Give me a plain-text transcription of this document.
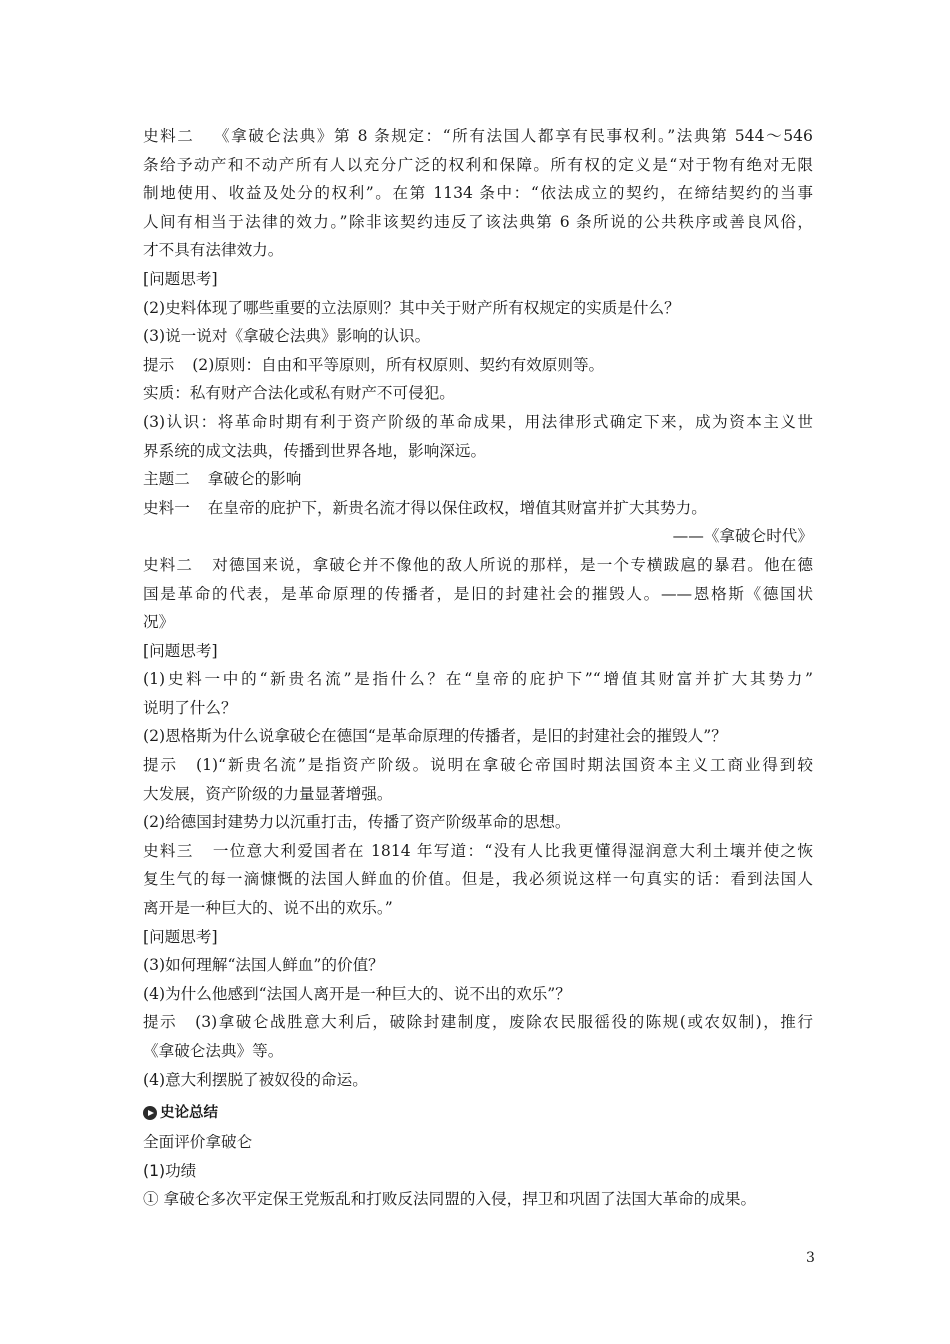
史料二 《拿破仑法典》第 8 条规定：“所有法国人都享有民事权利。”法典第 544～546
条给予动产和不动产所有人以充分广泛的权利和保障。所有权的定义是“对于物有绝对无限
制地使用、收益及处分的权利”。在第 1134 条中：“依法成立的契约，在缔结契约的当事
人间有相当于法律的效力。”除非该契约违反了该法典第 6 条所说的公共秩序或善良风俗，
才不具有法律效力。
[问题思考]
(2)史料体现了哪些重要的立法原则？其中关于财产所有权规定的实质是什么？
(3)说一说对《拿破仑法典》影响的认识。
提示 (2)原则：自由和平等原则，所有权原则、契约有效原则等。
实质：私有财产合法化或私有财产不可侵犯。
(3)认识：将革命时期有利于资产阶级的革命成果，用法律形式确定下来，成为资本主义世
界系统的成文法典，传播到世界各地，影响深远。
主题二 拿破仑的影响
史料一 在皇帝的庇护下，新贵名流才得以保住政权，增值其财富并扩大其势力。
——《拿破仑时代》
史料二 对德国来说，拿破仑并不像他的敌人所说的那样，是一个专横跋扈的暴君。他在德
国是革命的代表，是革命原理的传播者，是旧的封建社会的摧毁人。——恩格斯《德国状
况》
[问题思考]
(1)史料一中的“新贵名流”是指什么？在“皇帝的庇护下”“增值其财富并扩大其势力”
说明了什么？
(2)恩格斯为什么说拿破仑在德国“是革命原理的传播者，是旧的封建社会的摧毁人”？
提示 (1)“新贵名流”是指资产阶级。说明在拿破仑帝国时期法国资本主义工商业得到较
大发展，资产阶级的力量显著增强。
(2)给德国封建势力以沉重打击，传播了资产阶级革命的思想。
史料三 一位意大利爱国者在 1814 年写道：“没有人比我更懂得湿润意大利土壤并使之恢
复生气的每一滴慷慨的法国人鲜血的价值。但是，我必须说这样一句真实的话：看到法国人
离开是一种巨大的、说不出的欢乐。”
[问题思考]
(3)如何理解“法国人鲜血”的价值？
(4)为什么他感到“法国人离开是一种巨大的、说不出的欢乐”？
提示 (3)拿破仑战胜意大利后，破除封建制度，废除农民服徭役的陈规(或农奴制)，推行
《拿破仑法典》等。
(4)意大利摆脱了被奴役的命运。
史论总结
全面评价拿破仑
(1)功绩
① 拿破仑多次平定保王党叛乱和打败反法同盟的入侵，捍卫和巩固了法国大革命的成果。
3
